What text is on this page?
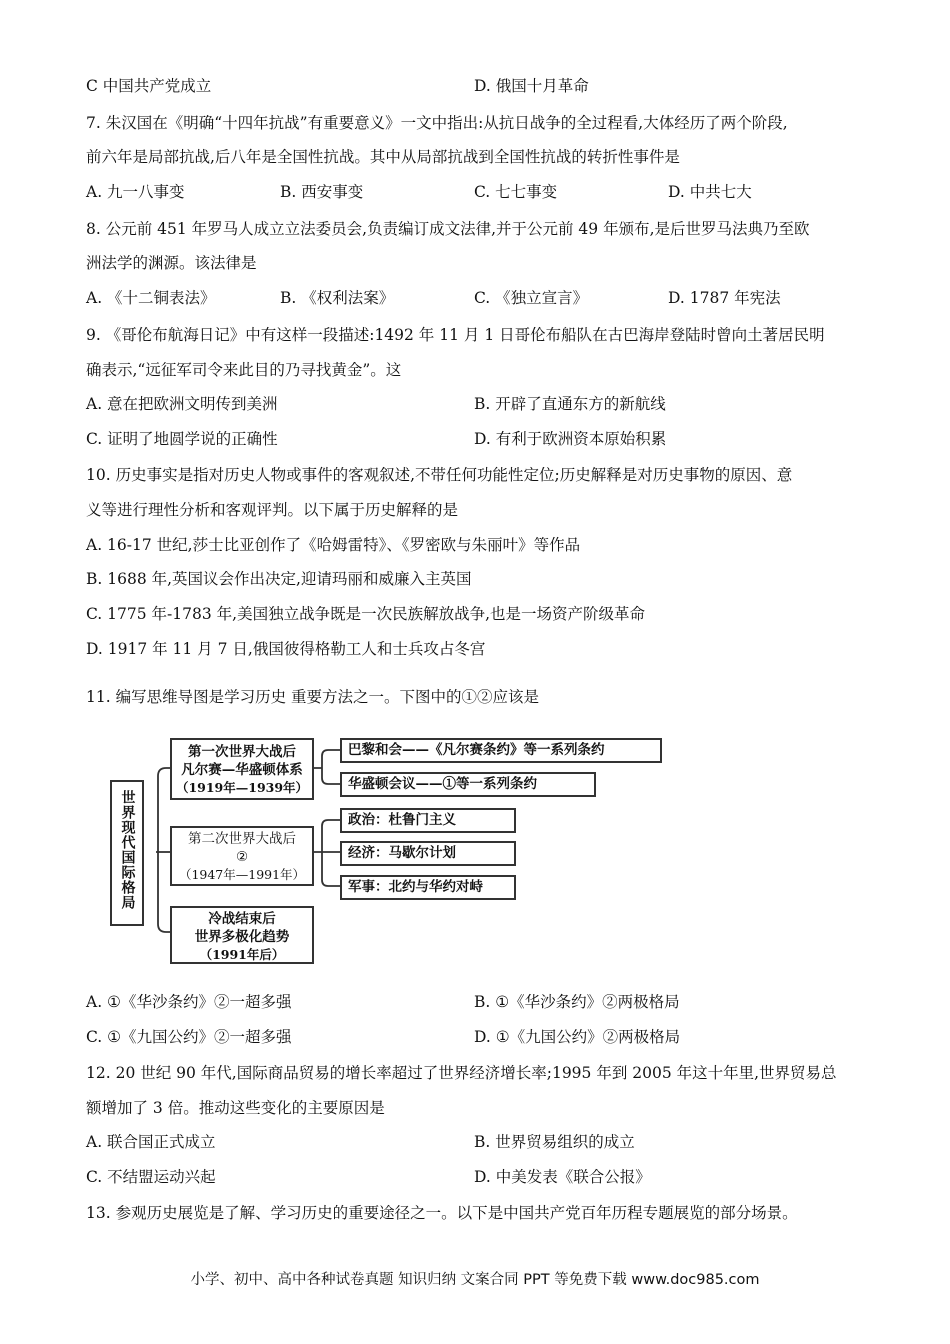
C 中国共产党成立	D. 俄国十月革命
7. 朱汉国在《明确“十四年抗战”有重要意义》一文中指出:从抗日战争的全过程看,大体经历了两个阶段,
前六年是局部抗战,后八年是全国性抗战。其中从局部抗战到全国性抗战的转折性事件是
A. 九一八事变	B. 西安事变	C. 七七事变	D. 中共七大
8. 公元前 451 年罗马人成立立法委员会,负责编订成文法律,并于公元前 49 年颁布,是后世罗马法典乃至欧
洲法学的渊源。该法律是
A. 《十二铜表法》	B. 《权利法案》	C. 《独立宣言》	D. 1787 年宪法
9. 《哥伦布航海日记》中有这样一段描述:1492 年 11 月 1 日哥伦布船队在古巴海岸登陆时曾向土著居民明
确表示,“远征军司令来此目的乃寻找黄金”。这
A. 意在把欧洲文明传到美洲	B. 开辟了直通东方的新航线
C. 证明了地圆学说的正确性	D. 有利于欧洲资本原始积累
10. 历史事实是指对历史人物或事件的客观叙述,不带任何功能性定位;历史解释是对历史事物的原因、意
义等进行理性分析和客观评判。以下属于历史解释的是
A. 16-17 世纪,莎士比亚创作了《哈姆雷特》、《罗密欧与朱丽叶》等作品
B. 1688 年,英国议会作出决定,迎请玛丽和威廉入主英国
C. 1775 年-1783 年,美国独立战争既是一次民族解放战争,也是一场资产阶级革命
D. 1917 年 11 月 7 日,俄国彼得格勒工人和士兵攻占冬宫
11. 编写思维导图是学习历史 重要方法之一。下图中的①②应该是
世界现代国际格局
第一次世界大战后
凡尔赛—华盛顿体系
（1919年—1939年）
巴黎和会——《凡尔赛条约》等一系列条约
华盛顿会议——①等一系列条约
第二次世界大战后
②
（1947年—1991年）
政治：杜鲁门主义
经济：马歇尔计划
军事：北约与华约对峙
冷战结束后
世界多极化趋势
（1991年后）
A. ①《华沙条约》②一超多强	B. ①《华沙条约》②两极格局
C. ①《九国公约》②一超多强	D. ①《九国公约》②两极格局
12. 20 世纪 90 年代,国际商品贸易的增长率超过了世界经济增长率;1995 年到 2005 年这十年里,世界贸易总
额增加了 3 倍。推动这些变化的主要原因是
A. 联合国正式成立	B. 世界贸易组织的成立
C. 不结盟运动兴起	D. 中美发表《联合公报》
13. 参观历史展览是了解、学习历史的重要途径之一。以下是中国共产党百年历程专题展览的部分场景。
小学、初中、高中各种试卷真题 知识归纳 文案合同 PPT 等免费下载 www.doc985.com
